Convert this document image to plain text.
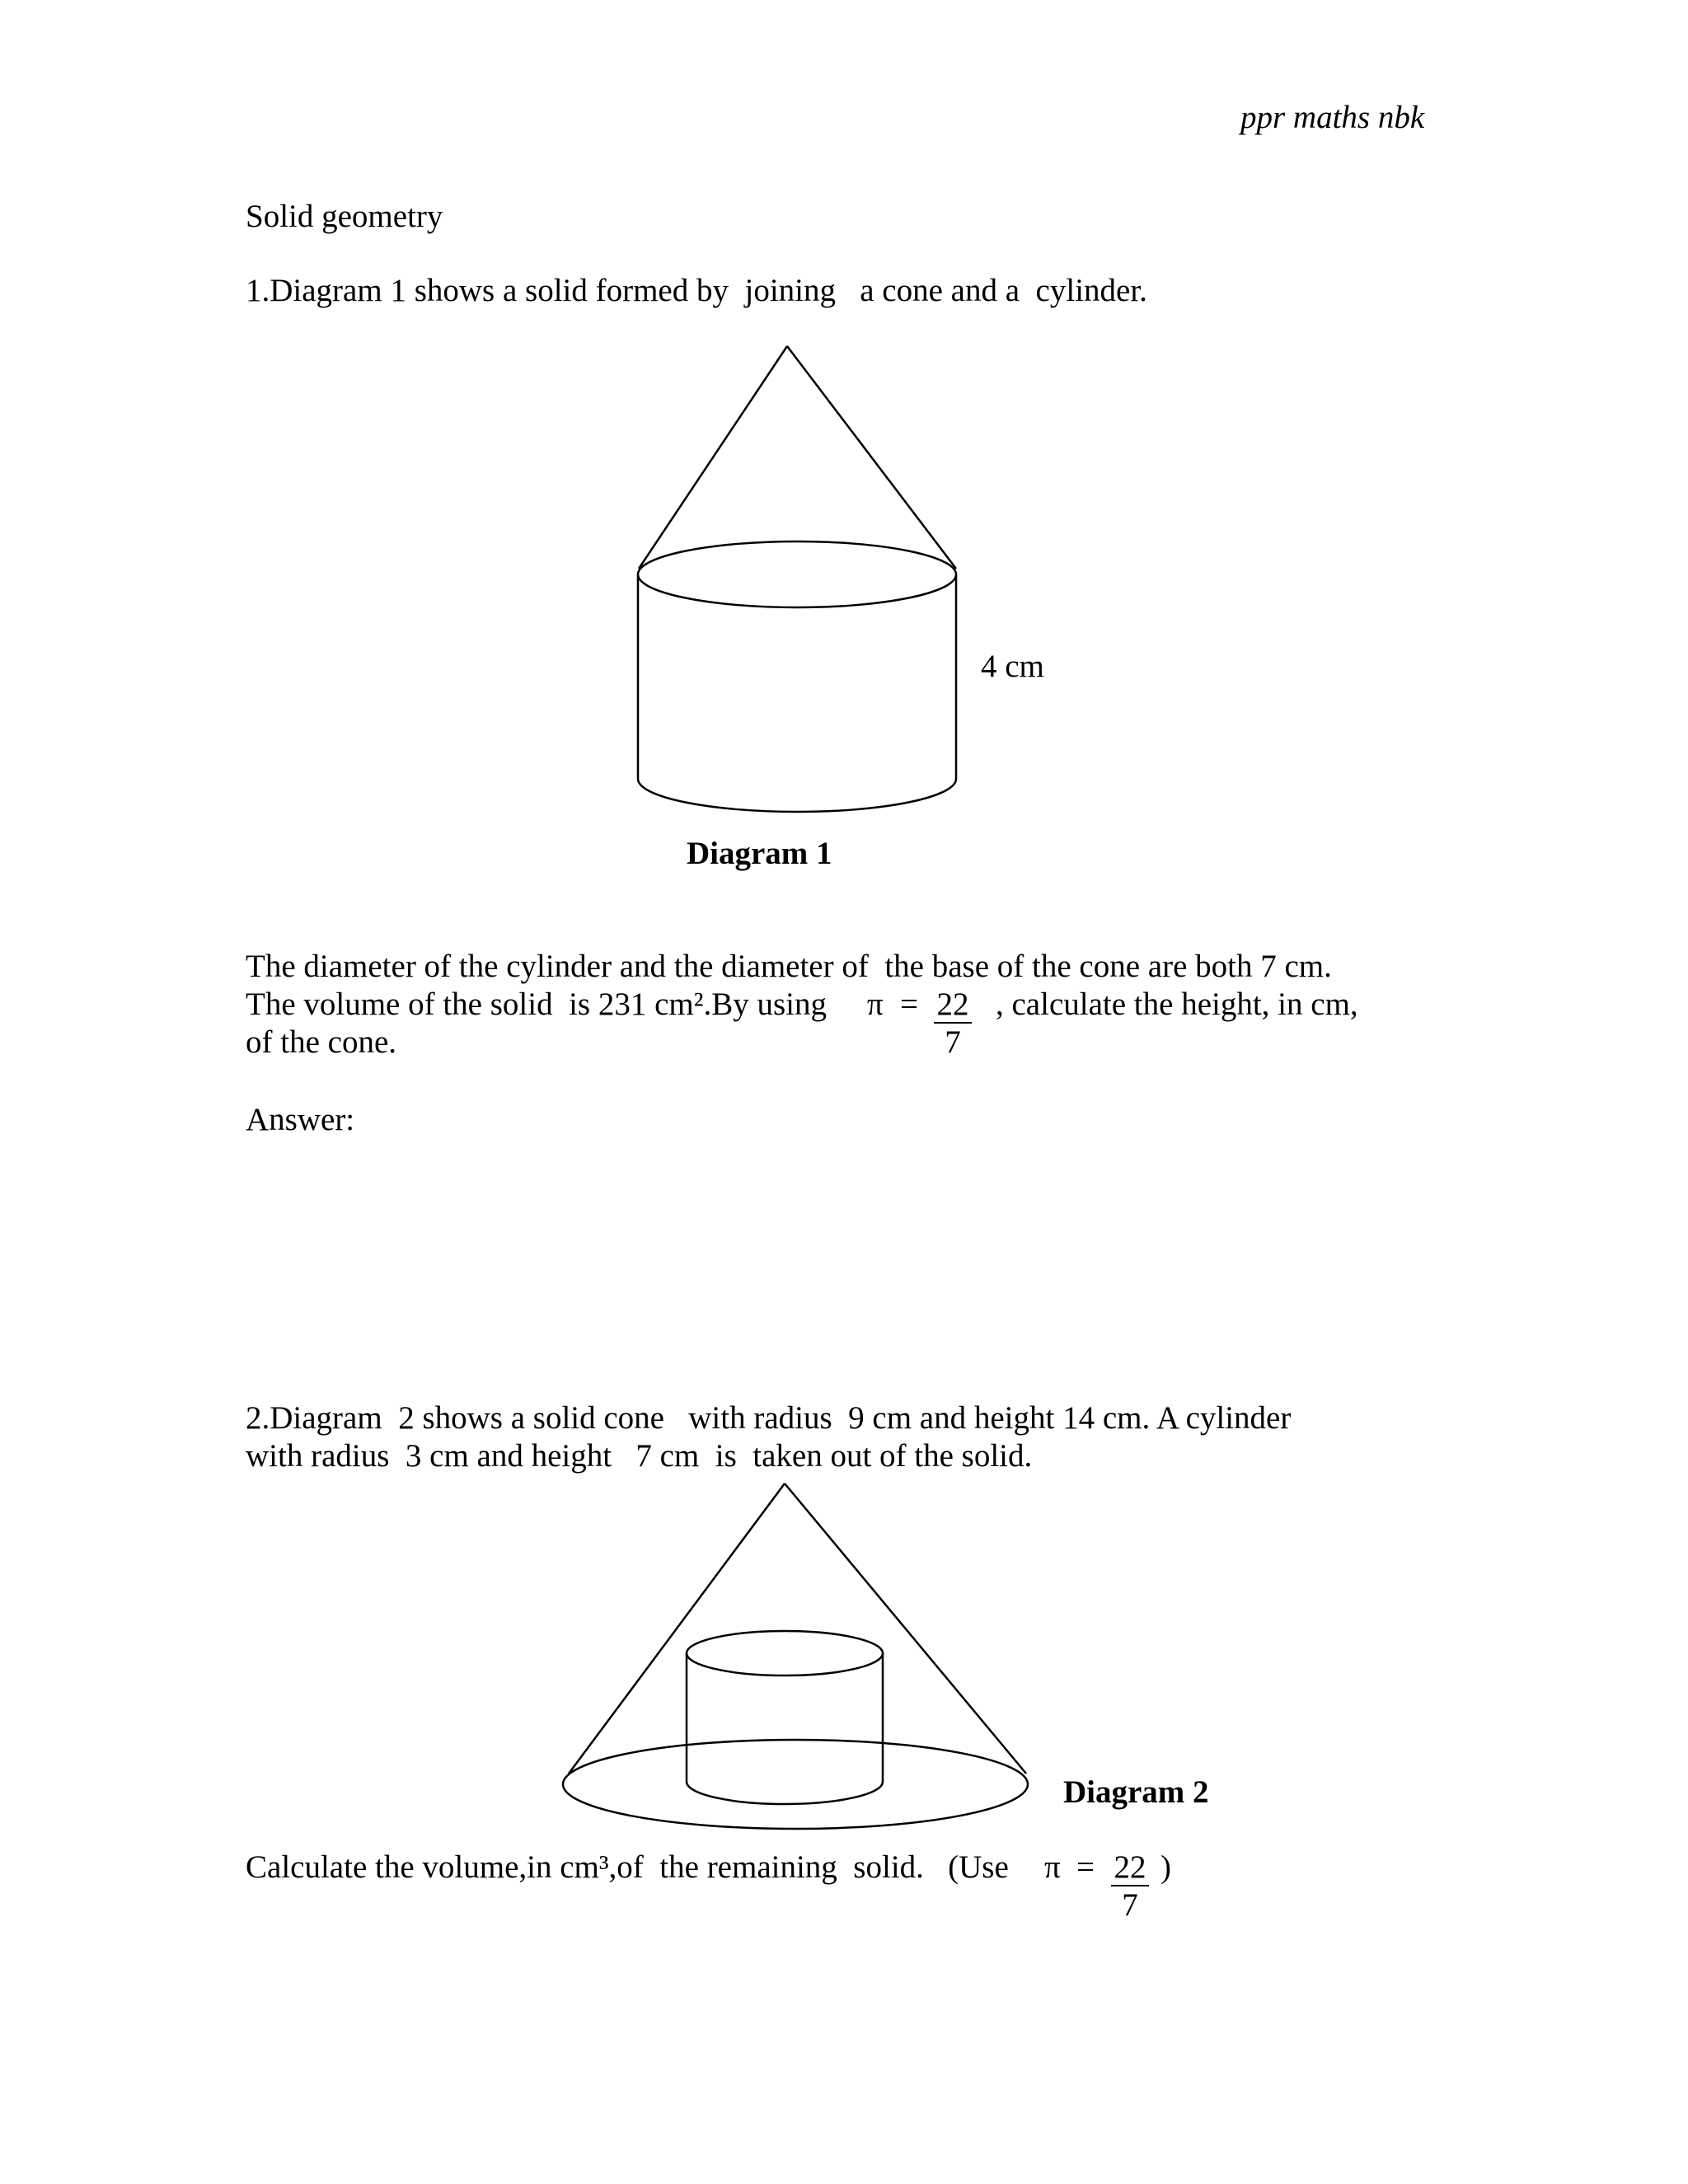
ppr maths nbk

Solid geometry

1.Diagram 1 shows a solid formed by  joining   a cone and a  cylinder.

4 cm

Diagram 1

The diameter of the cylinder and the diameter of  the base of the cone are both 7 cm.

The volume of the solid  is 231 cm².By using $\pi = \frac{22}{7}$ , calculate the height, in cm,

of the cone.

Answer:

2.Diagram  2 shows a solid cone   with radius  9 cm and height 14 cm. A cylinder

with radius  3 cm and height   7 cm  is  taken out of the solid.

Diagram 2

Calculate the volume,in cm³,of  the remaining  solid.   (Use $\pi = \frac{22}{7}$ )
